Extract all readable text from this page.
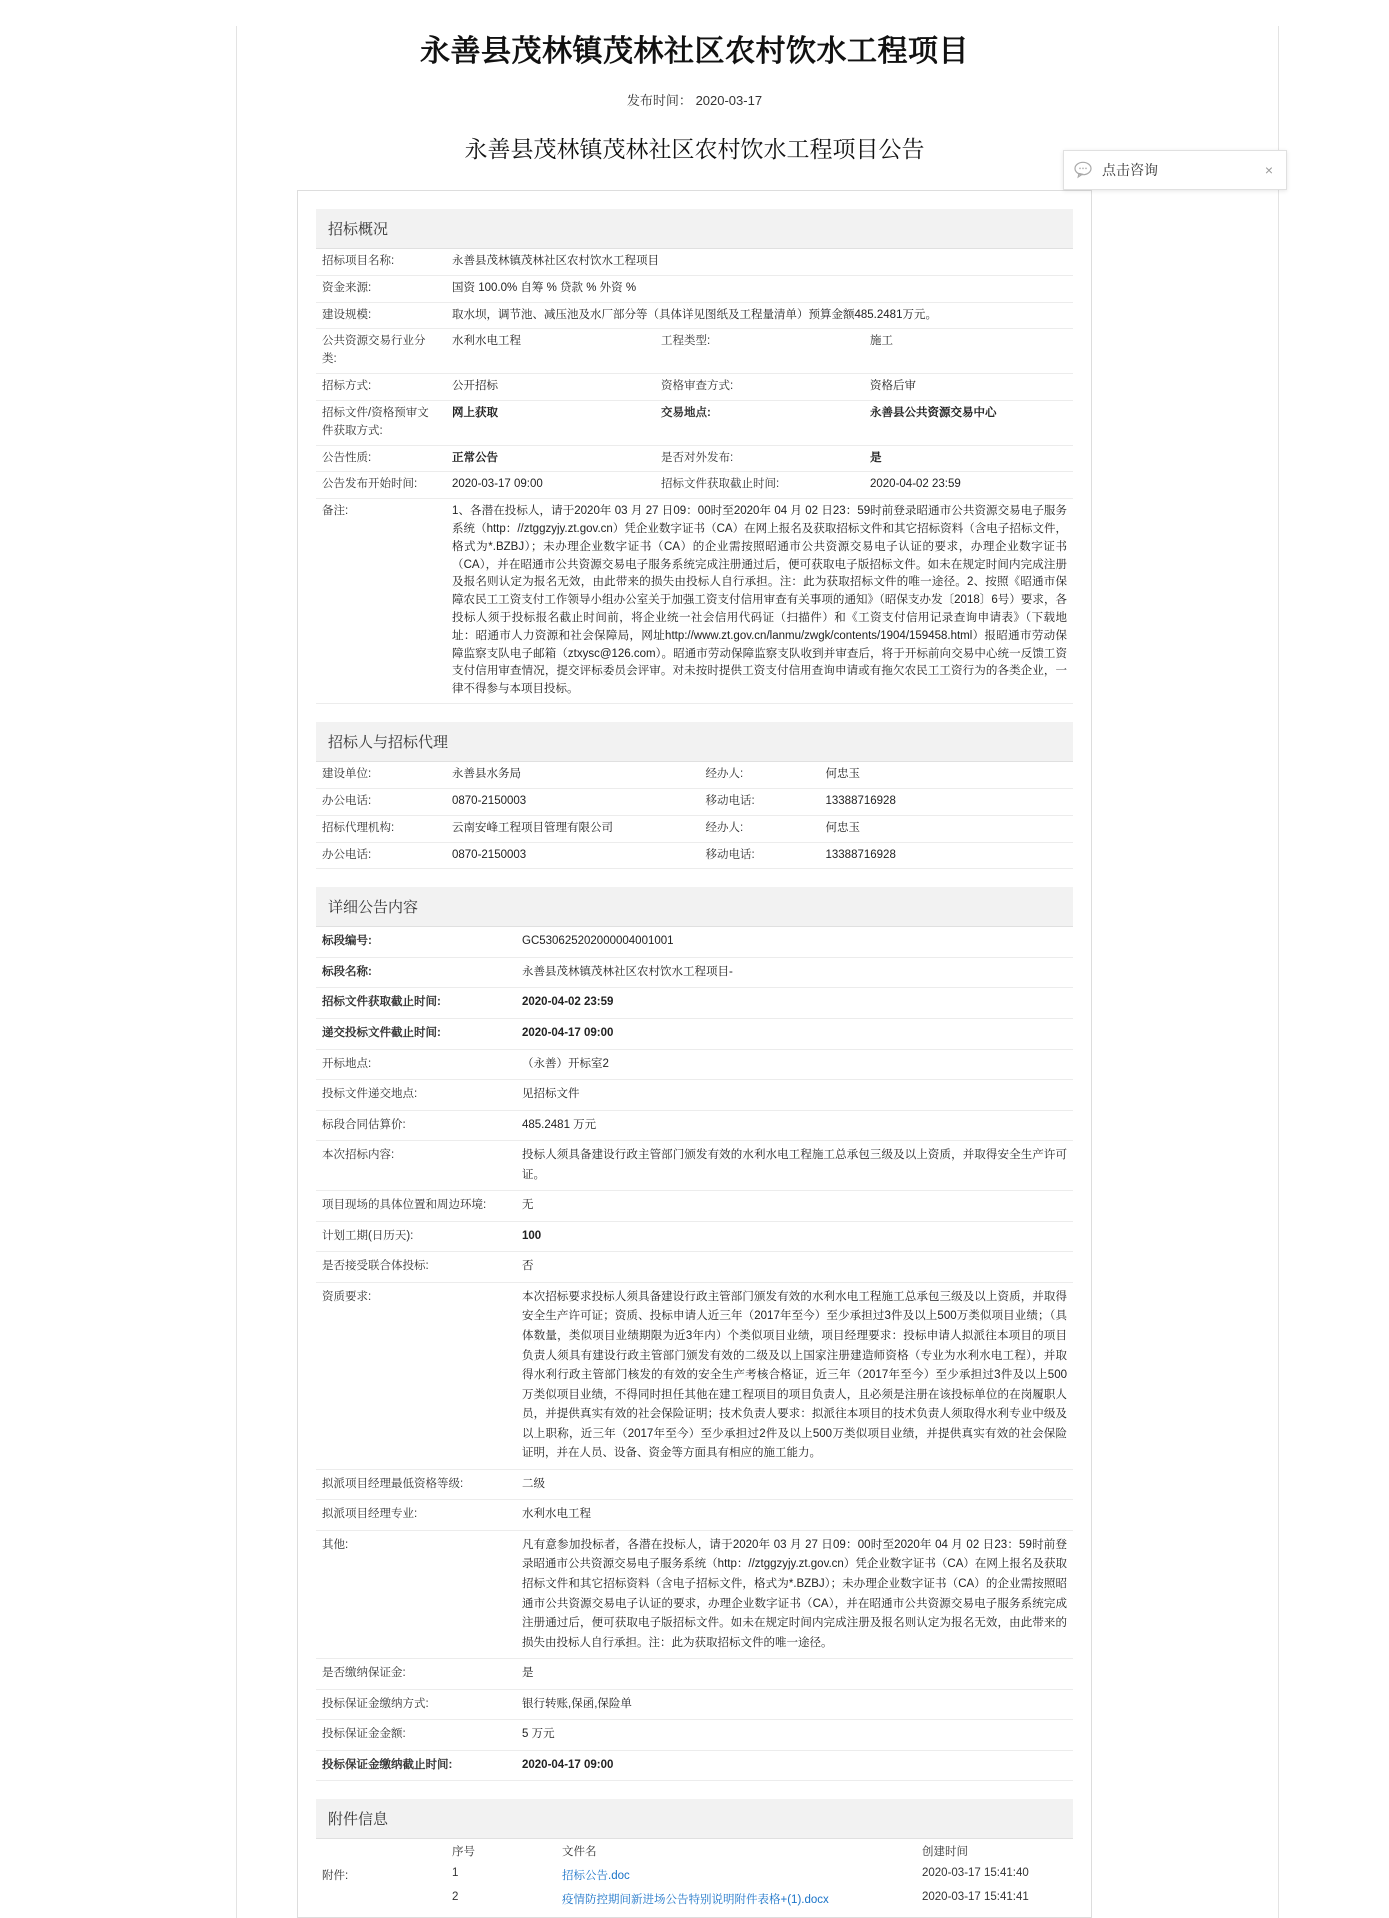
永善县茂林镇茂林社区农村饮水工程项目
发布时间： 2020-03-17
永善县茂林镇茂林社区农村饮水工程项目公告
点击咨询	×
招标概况
招标项目名称:	永善县茂林镇茂林社区农村饮水工程项目		
资金来源:	国资 100.0% 自筹 % 贷款 % 外资 %		
建设规模:	取水坝，调节池、减压池及水厂部分等（具体详见图纸及工程量清单）预算金额485.2481万元。		
公共资源交易行业分类:	水利水电工程	工程类型:	施工
招标方式:	公开招标	资格审查方式:	资格后审
招标文件/资格预审文件获取方式:	网上获取	交易地点:	永善县公共资源交易中心
公告性质:	正常公告	是否对外发布:	是
公告发布开始时间:	2020-03-17 09:00	招标文件获取截止时间:	2020-04-02 23:59
备注:	1、各潜在投标人，请于2020年 03 月 27 日09：00时至2020年 04 月 02 日23：59时前登录昭通市公共资源交易电子服务系统（http：//ztggzyjy.zt.gov.cn）凭企业数字证书（CA）在网上报名及获取招标文件和其它招标资料（含电子招标文件，格式为*.BZBJ）；未办理企业数字证书（CA）的企业需按照昭通市公共资源交易电子认证的要求，办理企业数字证书（CA），并在昭通市公共资源交易电子服务系统完成注册通过后，便可获取电子版招标文件。如未在规定时间内完成注册及报名则认定为报名无效，由此带来的损失由投标人自行承担。注：此为获取招标文件的唯一途径。2、按照《昭通市保障农民工工资支付工作领导小组办公室关于加强工资支付信用审查有关事项的通知》（昭保支办发〔2018〕6号）要求，各投标人须于投标报名截止时间前，将企业统一社会信用代码证（扫描件）和《工资支付信用记录查询申请表》（下载地址：昭通市人力资源和社会保障局，网址http://www.zt.gov.cn/lanmu/zwgk/contents/1904/159458.html）报昭通市劳动保障监察支队电子邮箱（ztxysc@126.com）。昭通市劳动保障监察支队收到并审查后，将于开标前向交易中心统一反馈工资支付信用审查情况，提交评标委员会评审。对未按时提供工资支付信用查询申请或有拖欠农民工工资行为的各类企业，一律不得参与本项目投标。		
招标人与招标代理
建设单位:	永善县水务局	经办人:	何忠玉
办公电话:	0870-2150003	移动电话:	13388716928
招标代理机构:	云南安峰工程项目管理有限公司	经办人:	何忠玉
办公电话:	0870-2150003	移动电话:	13388716928
详细公告内容
标段编号:	GC530625202000004001001
标段名称:	永善县茂林镇茂林社区农村饮水工程项目-
招标文件获取截止时间:	2020-04-02 23:59
递交投标文件截止时间:	2020-04-17 09:00
开标地点:	（永善）开标室2
投标文件递交地点:	见招标文件
标段合同估算价:	485.2481 万元
本次招标内容:	投标人须具备建设行政主管部门颁发有效的水利水电工程施工总承包三级及以上资质，并取得安全生产许可证。
项目现场的具体位置和周边环境:	无
计划工期(日历天):	100
是否接受联合体投标:	否
资质要求:	本次招标要求投标人须具备建设行政主管部门颁发有效的水利水电工程施工总承包三级及以上资质，并取得安全生产许可证；资质、投标申请人近三年（2017年至今）至少承担过3件及以上500万类似项目业绩；（具体数量，类似项目业绩期限为近3年内）个类似项目业绩，项目经理要求：投标申请人拟派往本项目的项目负责人须具有建设行政主管部门颁发有效的二级及以上国家注册建造师资格（专业为水利水电工程），并取得水利行政主管部门核发的有效的安全生产考核合格证，近三年（2017年至今）至少承担过3件及以上500万类似项目业绩，不得同时担任其他在建工程项目的项目负责人，且必须是注册在该投标单位的在岗履职人员，并提供真实有效的社会保险证明；技术负责人要求：拟派往本项目的技术负责人须取得水利专业中级及以上职称，近三年（2017年至今）至少承担过2件及以上500万类似项目业绩，并提供真实有效的社会保险证明，并在人员、设备、资金等方面具有相应的施工能力。
拟派项目经理最低资格等级:	二级
拟派项目经理专业:	水利水电工程
其他:	凡有意参加投标者，各潜在投标人，请于2020年 03 月 27 日09：00时至2020年 04 月 02 日23：59时前登录昭通市公共资源交易电子服务系统（http：//ztggzyjy.zt.gov.cn）凭企业数字证书（CA）在网上报名及获取招标文件和其它招标资料（含电子招标文件，格式为*.BZBJ）；未办理企业数字证书（CA）的企业需按照昭通市公共资源交易电子认证的要求，办理企业数字证书（CA），并在昭通市公共资源交易电子服务系统完成注册通过后，便可获取电子版招标文件。如未在规定时间内完成注册及报名则认定为报名无效，由此带来的损失由投标人自行承担。注：此为获取招标文件的唯一途径。
是否缴纳保证金:	是
投标保证金缴纳方式:	银行转账,保函,保险单
投标保证金金额:	5 万元
投标保证金缴纳截止时间:	2020-04-17 09:00
附件信息
	序号	文件名	创建时间
附件:	1	招标公告.doc	2020-03-17 15:41:40
	2	疫情防控期间新进场公告特别说明附件表格+(1).docx	2020-03-17 15:41:41
